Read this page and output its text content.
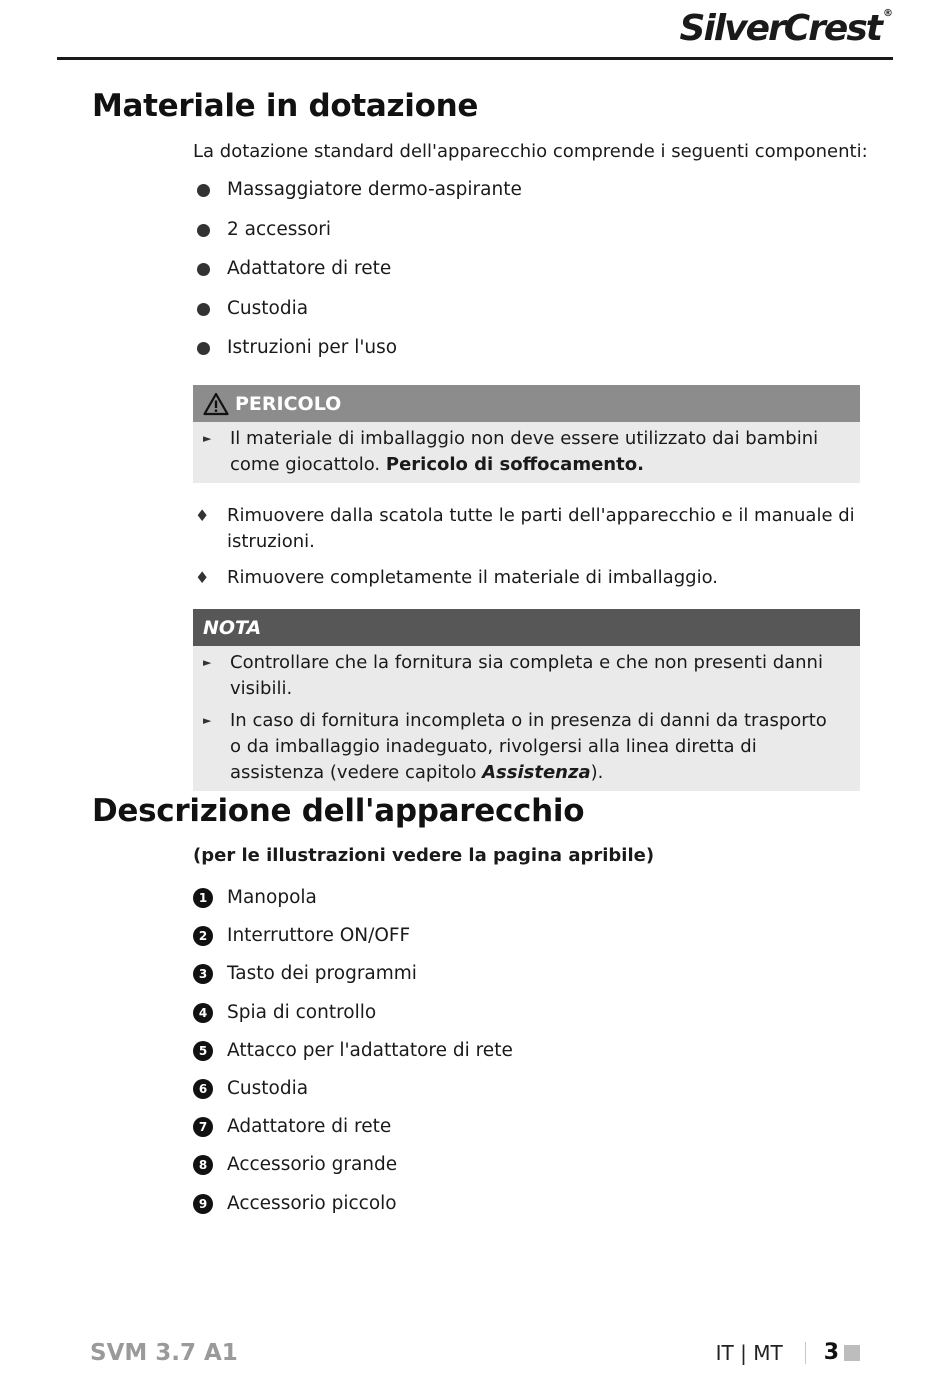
SilverCrest ®
Materiale in dotazione

La dotazione standard dell'apparecchio comprende i seguenti componenti:

Massaggiatore dermo-aspirante
2 accessori
Adattatore di rete
Custodia
Istruzioni per l'uso
PERICOLO
►	Il materiale di imballaggio non deve essere utilizzato dai bambini come giocattolo. Pericolo di soffocamento.
♦ Rimuovere dalla scatola tutte le parti dell'apparecchio e il manuale di istruzioni.
♦ Rimuovere completamente il materiale di imballaggio.
NOTA
►	Controllare che la fornitura sia completa e che non presenti danni visibili.
►	In caso di fornitura incompleta o in presenza di danni da trasporto o da imballaggio inadeguato, rivolgersi alla linea diretta di assistenza (vedere capitolo Assistenza).
Descrizione dell'apparecchio

(per le illustrazioni vedere la pagina apribile)

1	Manopola
2	Interruttore ON/OFF
3	Tasto dei programmi
4	Spia di controllo
5	Attacco per l'adattatore di rete
6	Custodia
7	Adattatore di rete
8	Accessorio grande
9	Accessorio piccolo
SVM 3.7 A1	IT | MT 3
